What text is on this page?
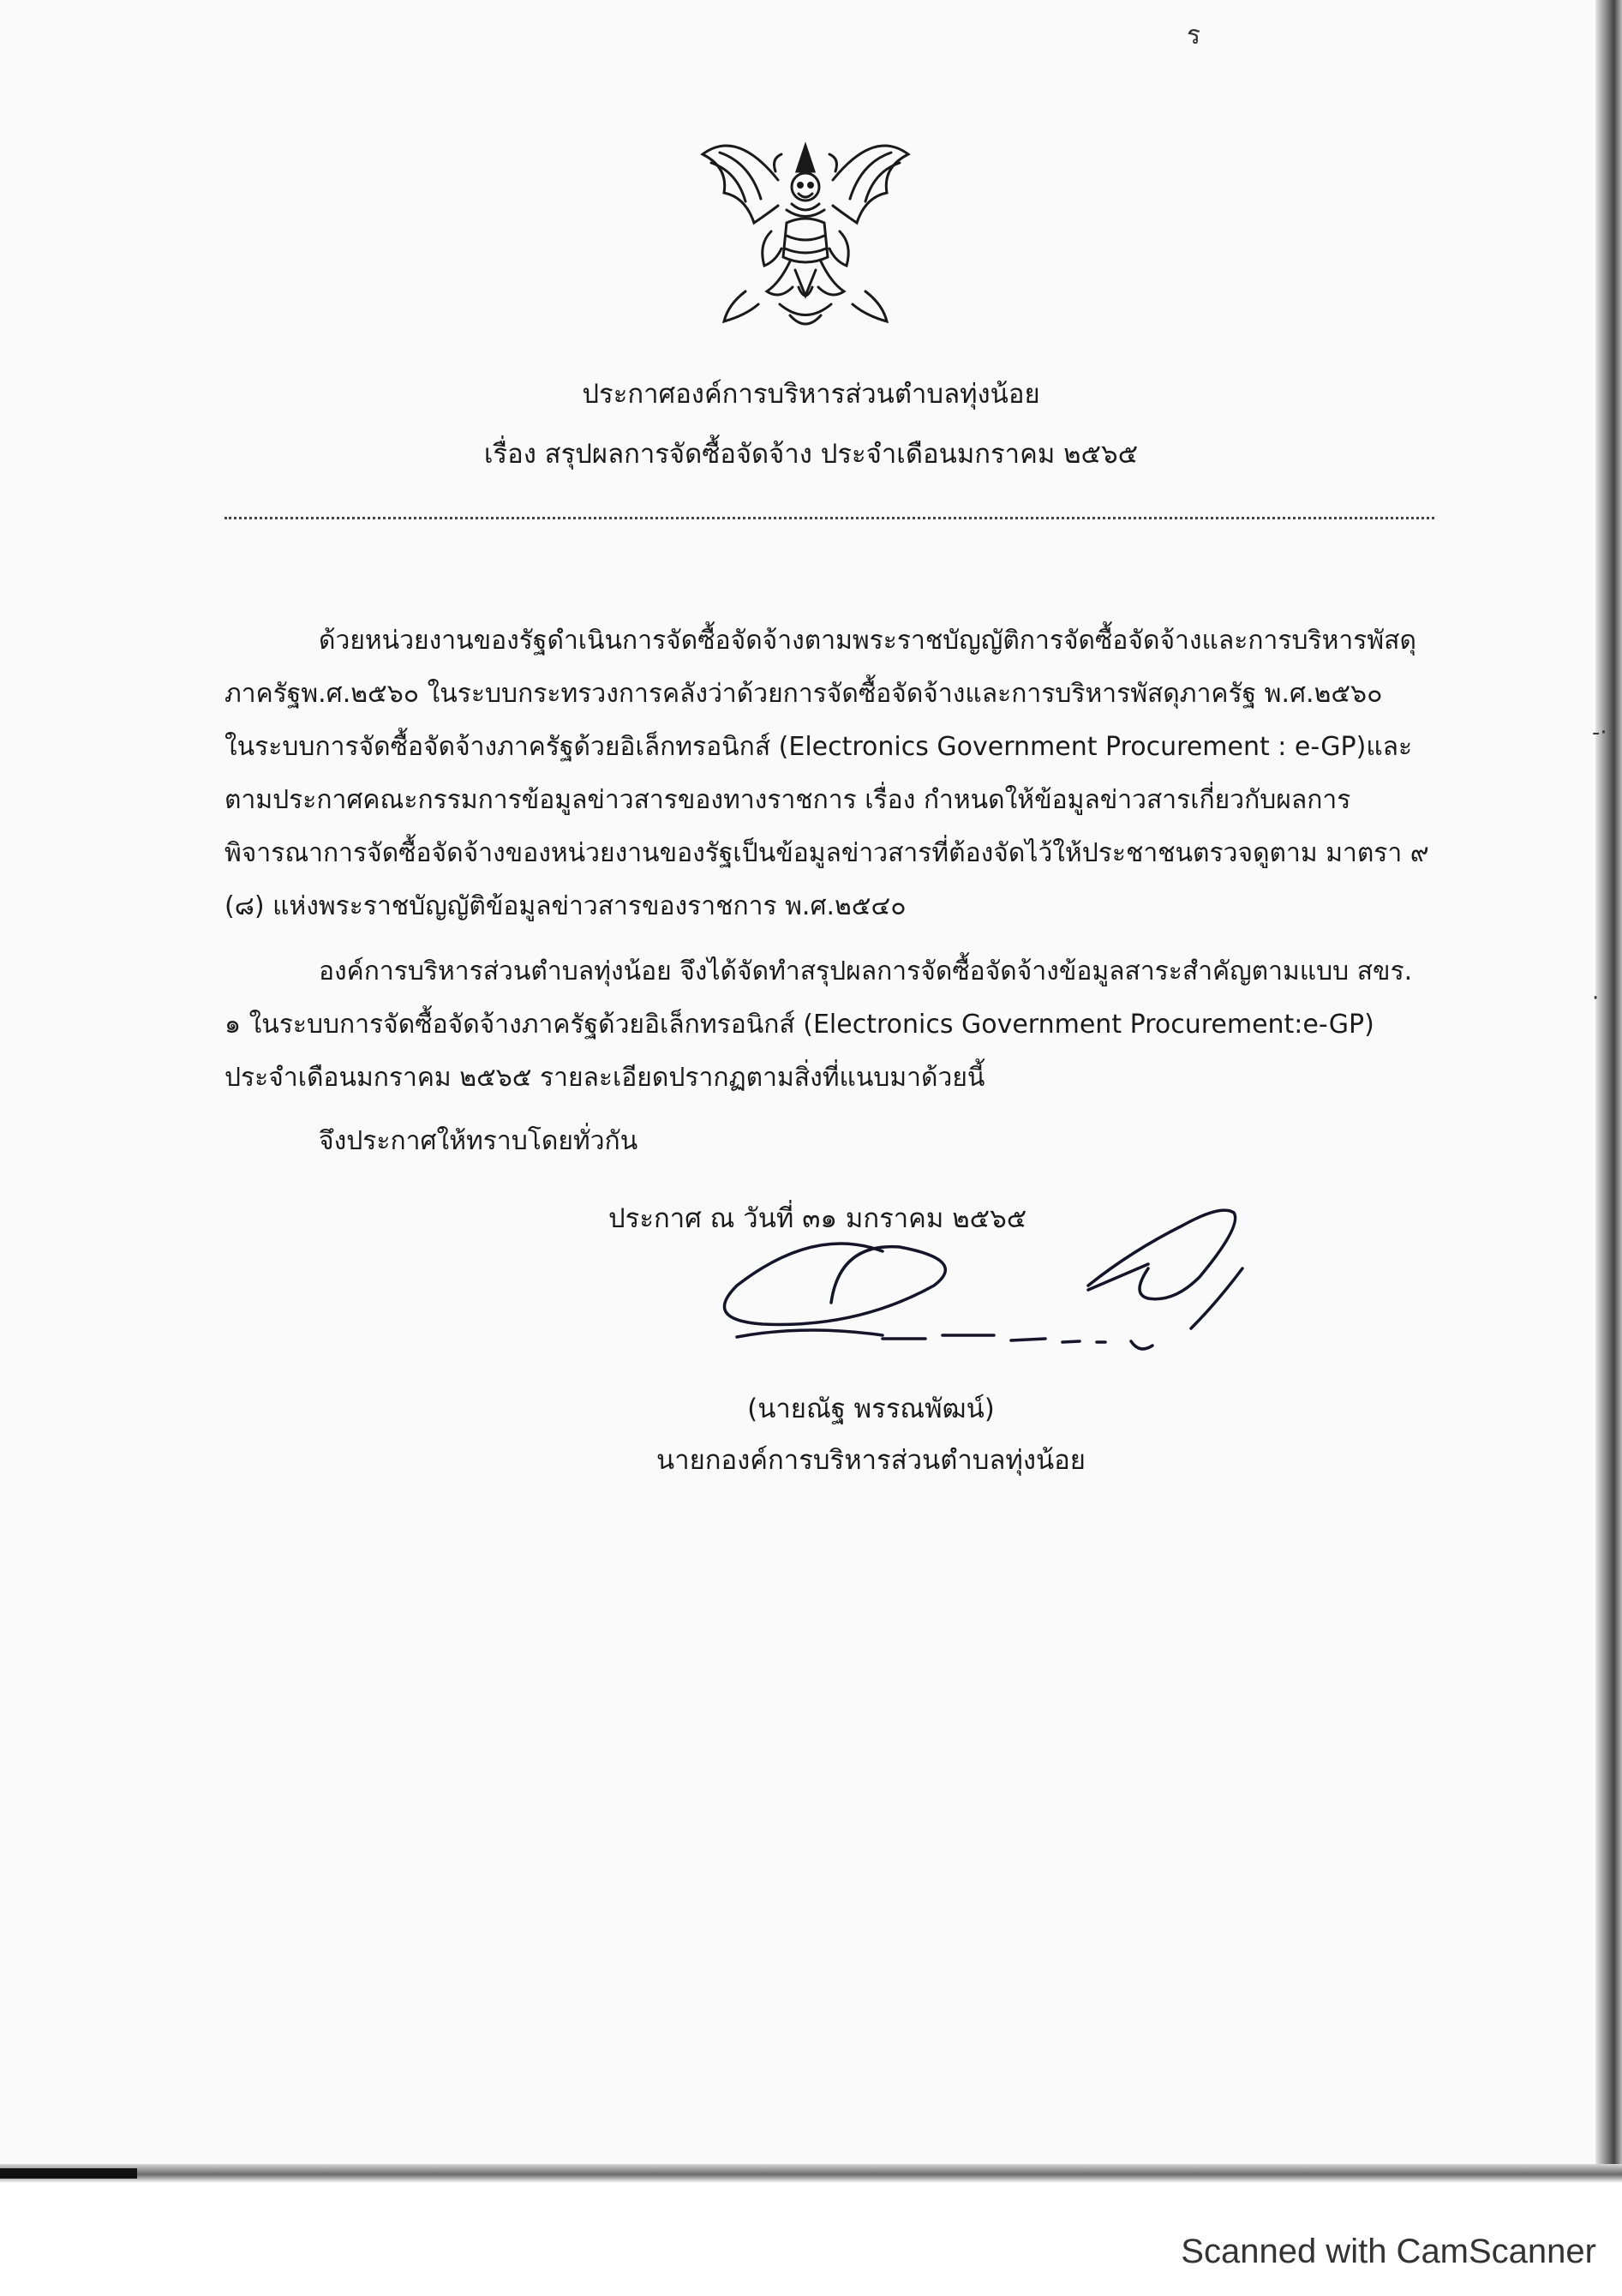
ร
-·
·
ประกาศองค์การบริหารส่วนตำบลทุ่งน้อย
เรื่อง สรุปผลการจัดซื้อจัดจ้าง ประจำเดือนมกราคม ๒๕๖๕
ด้วยหน่วยงานของรัฐดำเนินการจัดซื้อจัดจ้างตามพระราชบัญญัติการจัดซื้อจัดจ้างและการบริหารพัสดุ
ภาครัฐพ.ศ.๒๕๖๐ ในระบบกระทรวงการคลังว่าด้วยการจัดซื้อจัดจ้างและการบริหารพัสดุภาครัฐ พ.ศ.๒๕๖๐
ในระบบการจัดซื้อจัดจ้างภาครัฐด้วยอิเล็กทรอนิกส์ (Electronics Government Procurement : e-GP)และ
ตามประกาศคณะกรรมการข้อมูลข่าวสารของทางราชการ เรื่อง กำหนดให้ข้อมูลข่าวสารเกี่ยวกับผลการ
พิจารณาการจัดซื้อจัดจ้างของหน่วยงานของรัฐเป็นข้อมูลข่าวสารที่ต้องจัดไว้ให้ประชาชนตรวจดูตาม มาตรา ๙
(๘) แห่งพระราชบัญญัติข้อมูลข่าวสารของราชการ พ.ศ.๒๕๔๐
องค์การบริหารส่วนตำบลทุ่งน้อย จึงได้จัดทำสรุปผลการจัดซื้อจัดจ้างข้อมูลสาระสำคัญตามแบบ สขร.
๑ ในระบบการจัดซื้อจัดจ้างภาครัฐด้วยอิเล็กทรอนิกส์ (Electronics Government Procurement:e-GP)
ประจำเดือนมกราคม ๒๕๖๕ รายละเอียดปรากฏตามสิ่งที่แนบมาด้วยนี้
จึงประกาศให้ทราบโดยทั่วกัน
ประกาศ ณ วันที่ ๓๑ มกราคม ๒๕๖๕
(นายณัฐ พรรณพัฒน์)
นายกองค์การบริหารส่วนตำบลทุ่งน้อย
Scanned with CamScanner
